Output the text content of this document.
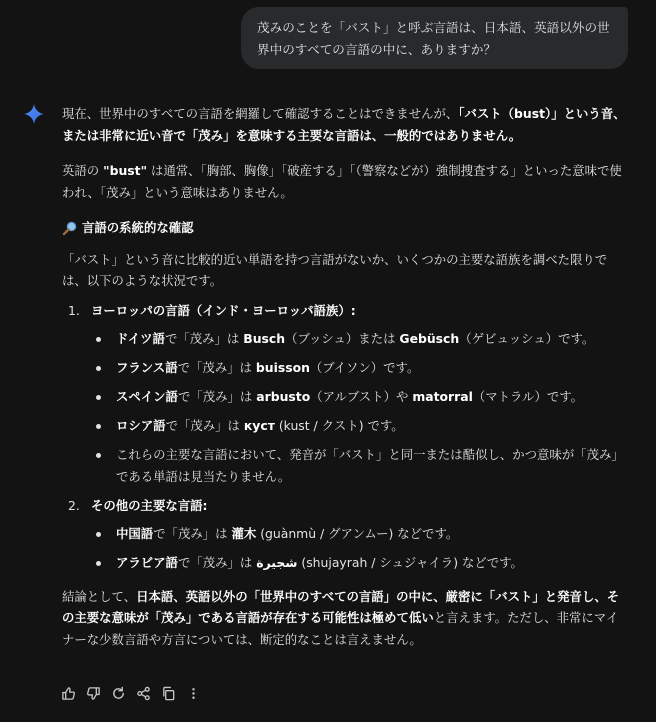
茂みのことを「バスト」と呼ぶ言語は、日本語、英語以外の世界中のすべての言語の中に、ありますか？

現在、世界中のすべての言語を網羅して確認することはできませんが、「バスト（bust）」という音、または非常に近い音で「茂み」を意味する主要な言語は、一般的ではありません。

英語の "bust" は通常、「胸部、胸像」「破産する」「（警察などが）強制捜査する」といった意味で使われ、「茂み」という意味はありません。

言語の系統的な確認

「バスト」という音に比較的近い単語を持つ言語がないか、いくつかの主要な語族を調べた限りでは、以下のような状況です。

1. ヨーロッパの言語（インド・ヨーロッパ語族）:
ドイツ語で「茂み」は Busch（ブッシュ）または Gebüsch（ゲビュッシュ）です。
フランス語で「茂み」は buisson（ブイソン）です。
スペイン語で「茂み」は arbusto（アルブスト）や matorral（マトラル）です。
ロシア語で「茂み」は куст (kust / クスト) です。
これらの主要な言語において、発音が「バスト」と同一または酷似し、かつ意味が「茂み」である単語は見当たりません。
2. その他の主要な言語:
中国語で「茂み」は 灌木 (guànmù / グアンムー) などです。
アラビア語で「茂み」は شجيرة (shujayrah / シュジャイラ) などです。

結論として、日本語、英語以外の「世界中のすべての言語」の中に、厳密に「バスト」と発音し、その主要な意味が「茂み」である言語が存在する可能性は極めて低いと言えます。ただし、非常にマイナーな少数言語や方言については、断定的なことは言えません。
